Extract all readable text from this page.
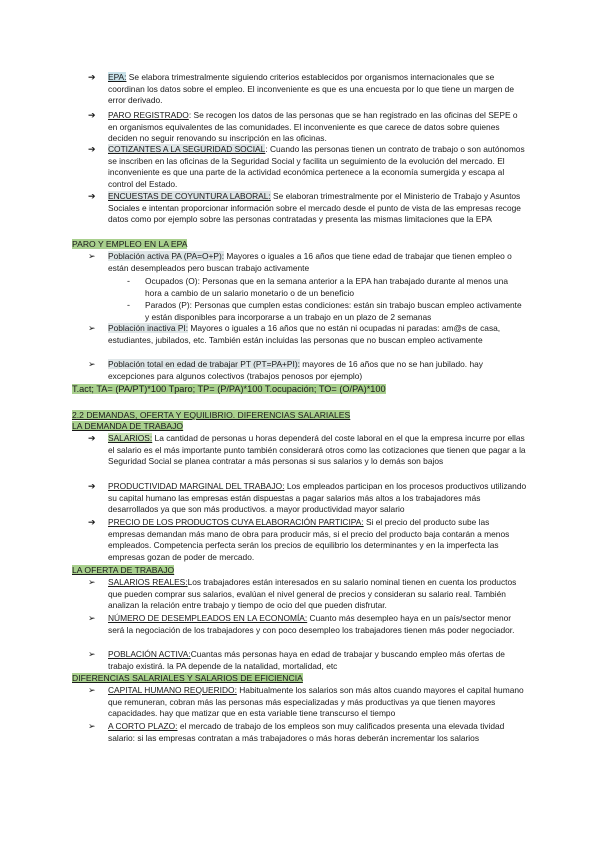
➔	EPA: Se elabora trimestralmente siguiendo criterios establecidos por organismos internacionales que se coordinan los datos sobre el empleo. El inconveniente es que es una encuesta por lo que tiene un margen de error derivado.
➔	PARO REGISTRADO: Se recogen los datos de las personas que se han registrado en las oficinas del SEPE o en organismos equivalentes de las comunidades. El inconveniente es que carece de datos sobre quienes deciden no seguir renovando su inscripción en las oficinas.
➔	COTIZANTES A LA SEGURIDAD SOCIAL: Cuando las personas tienen un contrato de trabajo o son autónomos se inscriben en las oficinas de la Seguridad Social y facilita un seguimiento de la evolución del mercado. El inconveniente es que una parte de la actividad económica pertenece a la economía sumergida y escapa al control del Estado.
➔	ENCUESTAS DE COYUNTURA LABORAL: Se elaboran trimestralmente por el Ministerio de Trabajo y Asuntos Sociales e intentan proporcionar información sobre el mercado desde el punto de vista de las empresas recoge datos como por ejemplo sobre las personas contratadas y presenta las mismas limitaciones que la EPA
PARO Y EMPLEO EN LA EPA
➢	Población activa PA (PA=O+P): Mayores o iguales a 16 años que tiene edad de trabajar que tienen empleo o están desempleados pero buscan trabajo activamente
-	Ocupados (O): Personas que en la semana anterior a la EPA han trabajado durante al menos una hora a cambio de un salario monetario o de un beneficio
-	Parados (P): Personas que cumplen estas condiciones: están sin trabajo buscan empleo activamente y están disponibles para incorporarse a un trabajo en un plazo de 2 semanas
➢	Población inactiva PI: Mayores o iguales a 16 años que no están ni ocupadas ni paradas: am@s de casa, estudiantes, jubilados, etc. También están incluidas las personas que no buscan empleo activamente
➢	Población total en edad de trabajar PT (PT=PA+PI): mayores de 16 años que no se han jubilado. hay excepciones para algunos colectivos (trabajos penosos por ejemplo)
T.act; TA= (PA/PT)*100 Tparo; TP= (P/PA)*100 T.ocupación; TO= (O/PA)*100
2.2 DEMANDAS, OFERTA Y EQUILIBRIO. DIFERENCIAS SALARIALES
LA DEMANDA DE TRABAJO
➔	SALARIOS: La cantidad de personas u horas dependerá del coste laboral en el que la empresa incurre por ellas el salario es el más importante punto también considerará otros como las cotizaciones que tienen que pagar a la Seguridad Social se planea contratar a más personas si sus salarios y lo demás son bajos
➔	PRODUCTIVIDAD MARGINAL DEL TRABAJO: Los empleados participan en los procesos productivos utilizando su capital humano las empresas están dispuestas a pagar salarios más altos a los trabajadores más desarrollados ya que son más productivos. a mayor productividad mayor salario
➔	PRECIO DE LOS PRODUCTOS CUYA ELABORACIÓN PARTICIPA: Si el precio del producto sube las empresas demandan más mano de obra para producir más, si el precio del producto baja contarán a menos empleados. Competencia perfecta serán los precios de equilibrio los determinantes y en la imperfecta las empresas gozan de poder de mercado.
LA OFERTA DE TRABAJO
➢	SALARIOS REALES:Los trabajadores están interesados en su salario nominal tienen en cuenta los productos que pueden comprar sus salarios, evalúan el nivel general de precios y consideran su salario real. También analizan la relación entre trabajo y tiempo de ocio del que pueden disfrutar.
➢	NÚMERO DE DESEMPLEADOS EN LA ECONOMÍA: Cuanto más desempleo haya en un país/sector menor será la negociación de los trabajadores y con poco desempleo los trabajadores tienen más poder negociador.
➢	POBLACIÓN ACTIVA:Cuantas más personas haya en edad de trabajar y buscando empleo más ofertas de trabajo existirá. la PA depende de la natalidad, mortalidad, etc
DIFERENCIAS SALARIALES Y SALARIOS DE EFICIENCIA
➢	CAPITAL HUMANO REQUERIDO: Habitualmente los salarios son más altos cuando mayores el capital humano que remuneran, cobran más las personas más especializadas y más productivas ya que tienen mayores capacidades. hay que matizar que en esta variable tiene transcurso el tiempo
➢	A CORTO PLAZO: el mercado de trabajo de los empleos son muy calificados presenta una elevada tividad salario: si las empresas contratan a más trabajadores o más horas deberán incrementar los salarios
